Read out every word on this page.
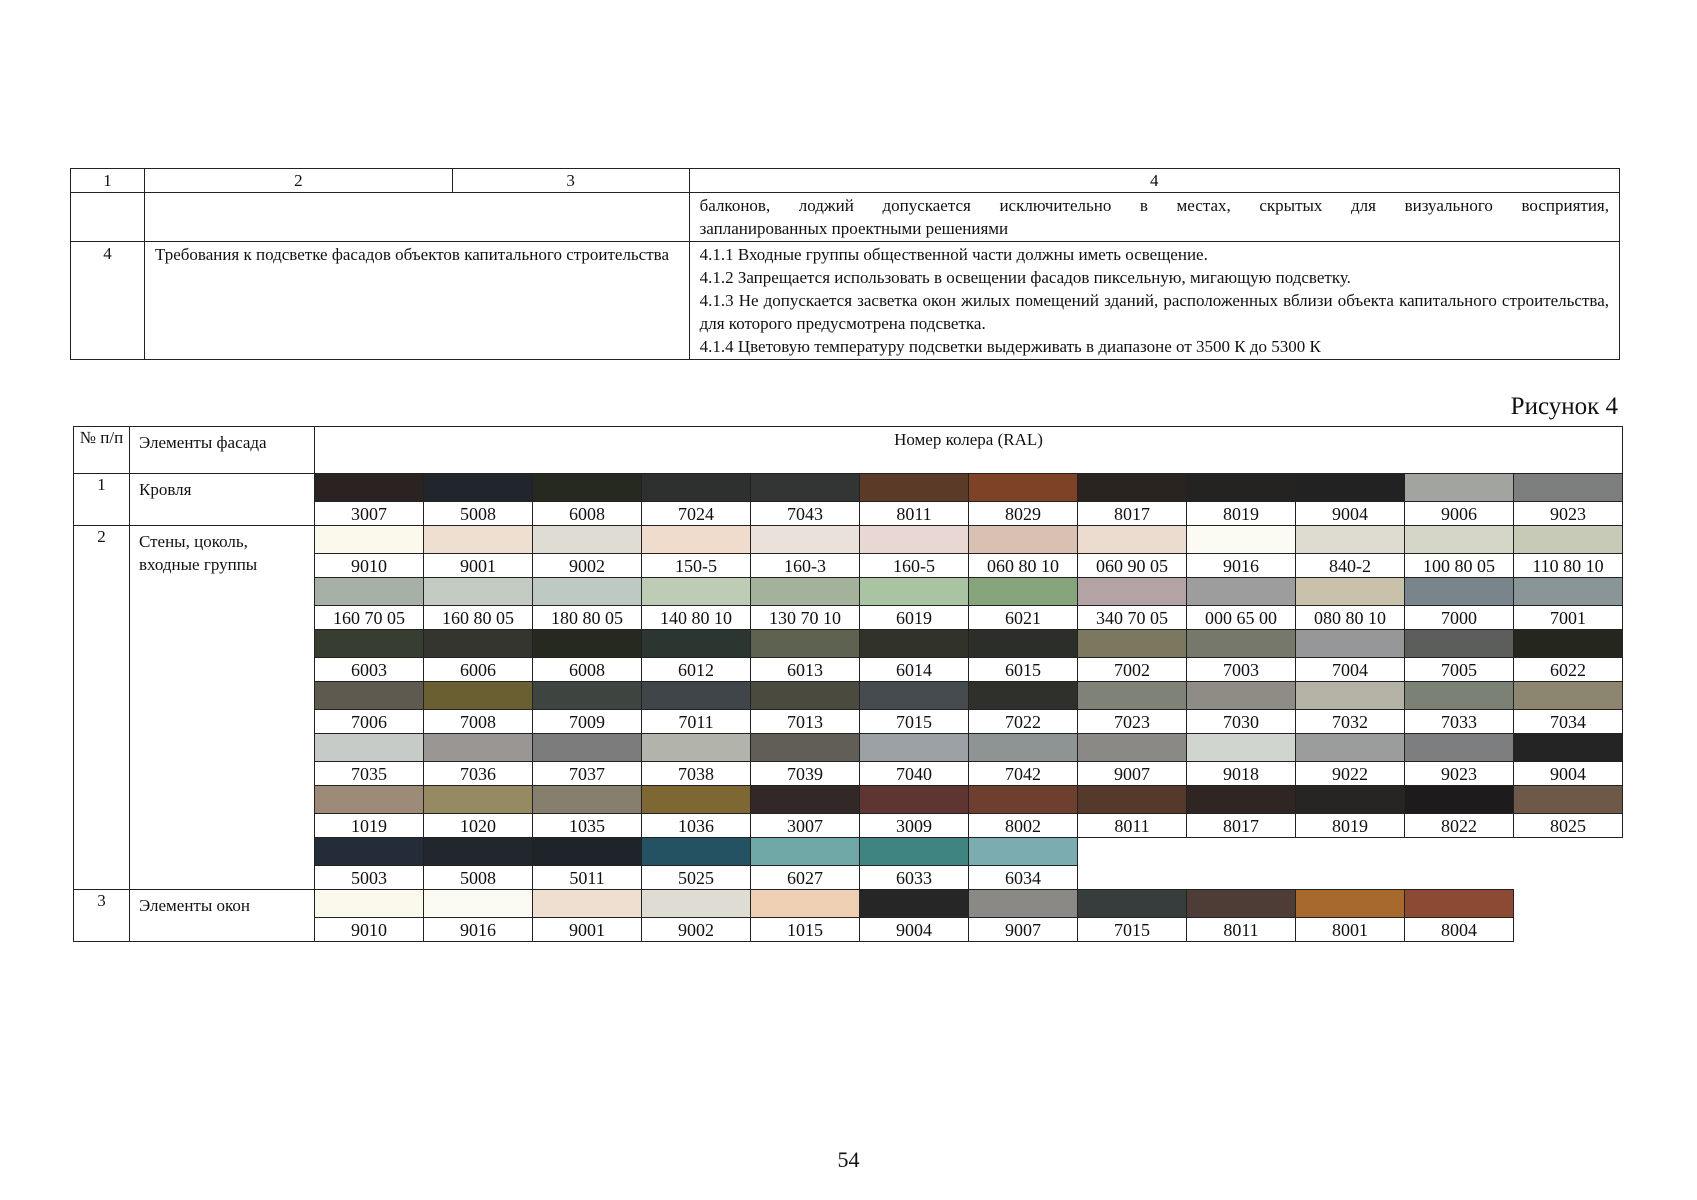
1	2	3	4

			балконов, лоджий допускается исключительно в местах, скрытых для визуального восприятия,
запланированных проектными решениями

4	Требования к подсветке фасадов объектов капитального строительства		4.1.1 Входные группы общественной части должны иметь освещение.
4.1.2 Запрещается использовать в освещении фасадов пиксельную, мигающую подсветку.
4.1.3 Не допускается засветка окон жилых помещений зданий, расположенных вблизи объекта капитального строительства, для которого предусмотрена подсветка.
4.1.4 Цветовую температуру подсветки выдерживать в диапазоне от 3500 К до 5300 К
Рисунок 4
№ п/п	Элементы фасада	Номер колера (RAL)											
1	Кровля												
		3007	5008	6008	7024	7043	8011	8029	8017	8019	9004	9006	9023
2	Стены, цоколь, входные группы												
		9010	9001	9002	150-5	160-3	160-5	060 80 10	060 90 05	9016	840-2	100 80 05	110 80 10

		160 70 05	160 80 05	180 80 05	140 80 10	130 70 10	6019	6021	340 70 05	000 65 00	080 80 10	7000	7001

		6003	6006	6008	6012	6013	6014	6015	7002	7003	7004	7005	6022

		7006	7008	7009	7011	7013	7015	7022	7023	7030	7032	7033	7034

		7035	7036	7037	7038	7039	7040	7042	9007	9018	9022	9023	9004

		1019	1020	1035	1036	3007	3009	8002	8011	8017	8019	8022	8025

		5003	5008	5011	5025	6027	6033	6034					
3	Элементы окон												
		9010	9016	9001	9002	1015	9004	9007	7015	8011	8001	8004	
54
